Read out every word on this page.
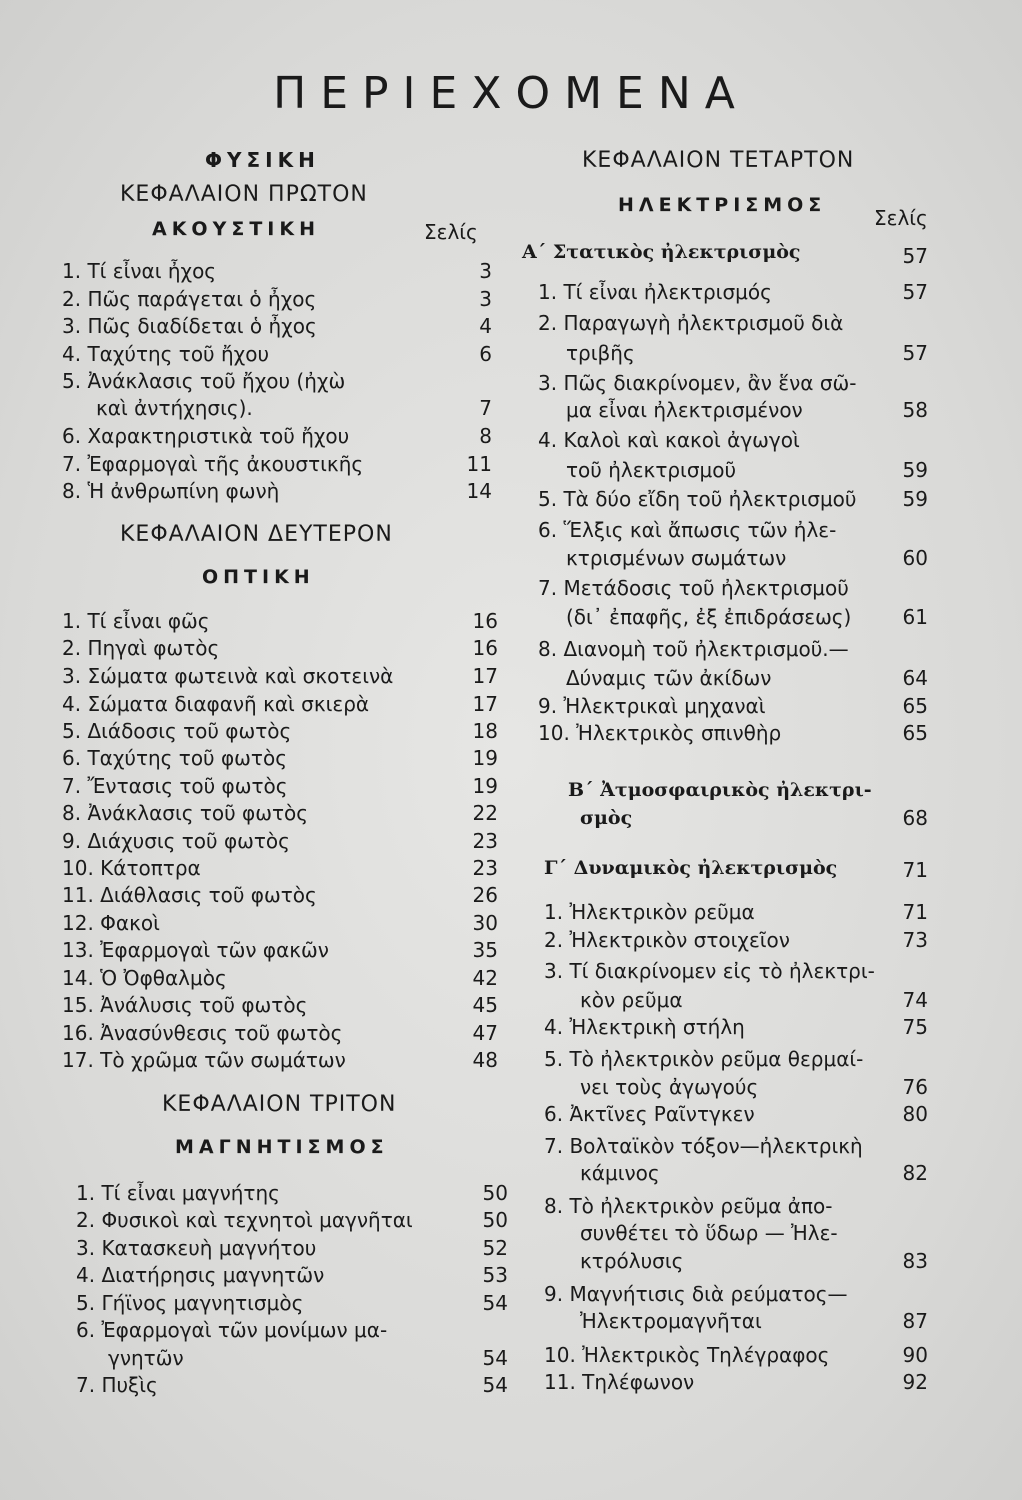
ΠΕΡΙΕΧΟΜΕΝΑ
ΦΥΣΙΚΗ
ΚΕΦΑΛΑΙΟΝ ΠΡΩΤΟΝ
ΑΚΟΥΣΤΙΚΗ	Σελίς
ΚΕΦΑΛΑΙΟΝ ΔΕΥΤΕΡΟΝ
ΟΠΤΙΚΗ
ΚΕΦΑΛΑΙΟΝ ΤΡΙΤΟΝ
ΜΑΓΝΗΤΙΣΜΟΣ
1. Τί εἶναι ἦχος	3
2. Πῶς παράγεται ὁ ἦχος	3
3. Πῶς διαδίδεται ὁ ἦχος	4
4. Ταχύτης τοῦ ἤχου	6
5. Ἀνάκλασις τοῦ ἤχου (ἠχὼ
καὶ ἀντήχησις).	7
6. Χαρακτηριστικὰ τοῦ ἤχου	8
7. Ἐφαρμογαὶ τῆς ἀκουστικῆς	11
8. Ἡ ἀνθρωπίνη φωνὴ	14
1. Τί εἶναι φῶς	16
2. Πηγαὶ φωτὸς	16
3. Σώματα φωτεινὰ καὶ σκοτεινὰ	17
4. Σώματα διαφανῆ καὶ σκιερὰ	17
5. Διάδοσις τοῦ φωτὸς	18
6. Ταχύτης τοῦ φωτὸς	19
7. Ἔντασις τοῦ φωτὸς	19
8. Ἀνάκλασις τοῦ φωτὸς	22
9. Διάχυσις τοῦ φωτὸς	23
10. Κάτοπτρα	23
11. Διάθλασις τοῦ φωτὸς	26
12. Φακοὶ	30
13. Ἐφαρμογαὶ τῶν φακῶν	35
14. Ὁ Ὀφθαλμὸς	42
15. Ἀνάλυσις τοῦ φωτὸς	45
16. Ἀνασύνθεσις τοῦ φωτὸς	47
17. Τὸ χρῶμα τῶν σωμάτων	48
1. Τί εἶναι μαγνήτης	50
2. Φυσικοὶ καὶ τεχνητοὶ μαγνῆται	50
3. Κατασκευὴ μαγνήτου	52
4. Διατήρησις μαγνητῶν	53
5. Γήϊνος μαγνητισμὸς	54
6. Ἐφαρμογαὶ τῶν μονίμων μα-
γνητῶν	54
7. Πυξὶς	54
ΚΕΦΑΛΑΙΟΝ ΤΕΤΑΡΤΟΝ
ΗΛΕΚΤΡΙΣΜΟΣ
Σελίς
Α΄ Στατικὸς ἠλεκτρισμὸς	57
Β΄ Ἀτμοσφαιρικὸς ἠλεκτρι-
σμὸς	68
Γ΄ Δυναμικὸς ἠλεκτρισμὸς	71
1. Τί εἶναι ἠλεκτρισμός	57
2. Παραγωγὴ ἠλεκτρισμοῦ διὰ
τριβῆς	57
3. Πῶς διακρίνομεν, ἂν ἕνα σῶ-
μα εἶναι ἠλεκτρισμένον	58
4. Καλοὶ καὶ κακοὶ ἀγωγοὶ
τοῦ ἠλεκτρισμοῦ	59
5. Τὰ δύο εἴδη τοῦ ἠλεκτρισμοῦ	59
6. Ἕλξις καὶ ἄπωσις τῶν ἠλε-
κτρισμένων σωμάτων	60
7. Μετάδοσις τοῦ ἠλεκτρισμοῦ
(δι᾽ ἐπαφῆς, ἐξ ἐπιδράσεως)	61
8. Διανομὴ τοῦ ἠλεκτρισμοῦ.—
Δύναμις τῶν ἀκίδων	64
9. Ἠλεκτρικαὶ μηχαναὶ	65
10. Ἠλεκτρικὸς σπινθὴρ	65
1. Ἠλεκτρικὸν ρεῦμα	71
2. Ἠλεκτρικὸν στοιχεῖον	73
3. Τί διακρίνομεν εἰς τὸ ἠλεκτρι-
κὸν ρεῦμα	74
4. Ἠλεκτρικὴ στήλη	75
5. Τὸ ἠλεκτρικὸν ρεῦμα θερμαί-
νει τοὺς ἀγωγούς	76
6. Ἀκτῖνες Ραῖντγκεν	80
7. Βολταϊκὸν τόξον—ἠλεκτρικὴ
κάμινος	82
8. Τὸ ἠλεκτρικὸν ρεῦμα ἀπο-
συνθέτει τὸ ὕδωρ — Ἠλε-
κτρόλυσις	83
9. Μαγνήτισις διὰ ρεύματος—
Ἠλεκτρομαγνῆται	87
10. Ἠλεκτρικὸς Τηλέγραφος	90
11. Τηλέφωνον	92
